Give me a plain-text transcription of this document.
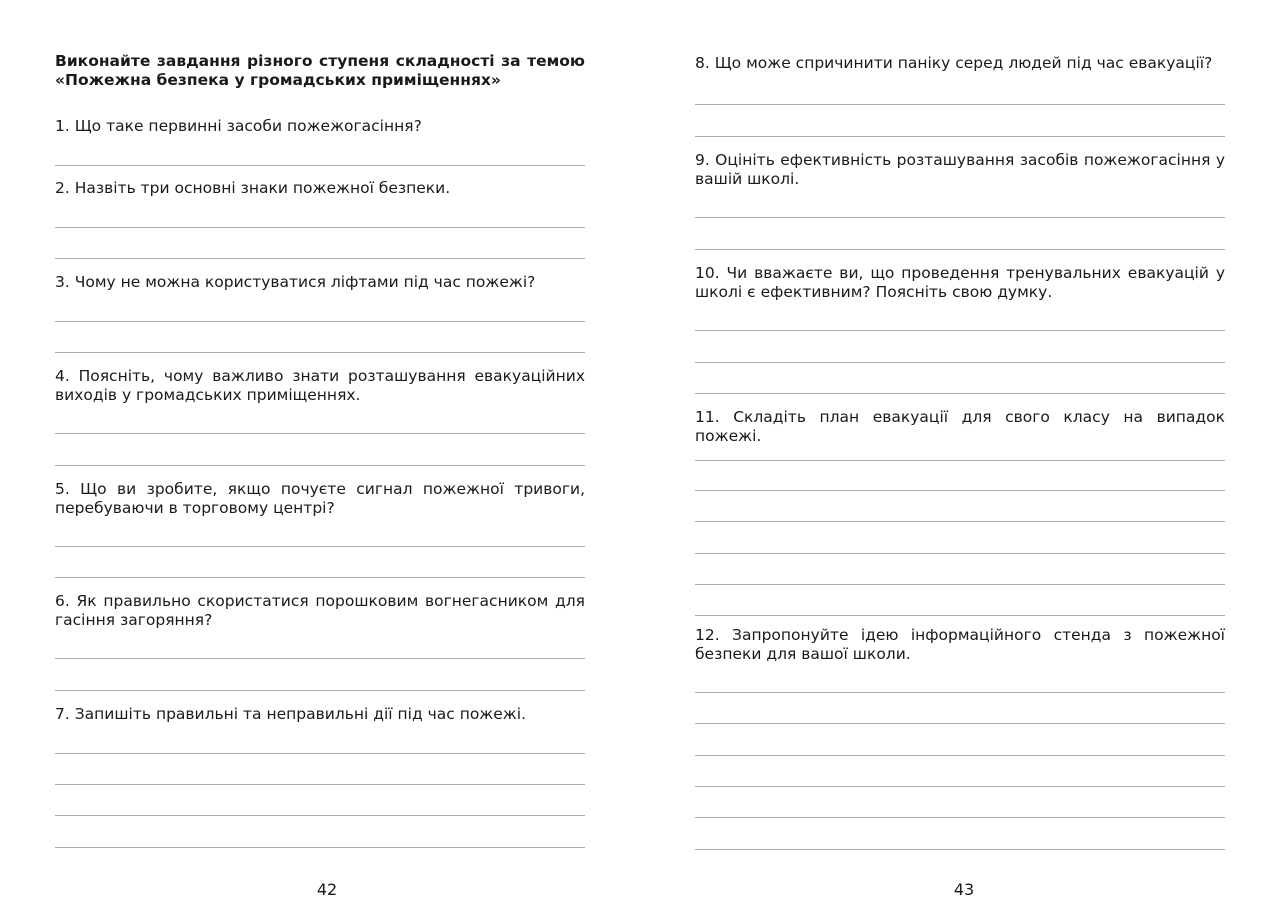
Виконайте завдання різного ступеня складності за темою «Пожежна безпека у громадських приміщеннях»

1. Що таке первинні засоби пожежогасіння?

2. Назвіть три основні знаки пожежної безпеки.

3. Чому не можна користуватися ліфтами під час пожежі?

4. Поясніть, чому важливо знати розташування евакуаційних виходів у громадських приміщеннях.

5. Що ви зробите, якщо почуєте сигнал пожежної тривоги, перебуваючи в торговому центрі?

6. Як правильно скористатися порошковим вогнегасником для гасіння загоряння?

7. Запишіть правильні та неправильні дії під час пожежі.

42

8. Що може спричинити паніку серед людей під час евакуації?

9. Оцініть ефективність розташування засобів пожежогасіння у вашій школі.

10. Чи вважаєте ви, що проведення тренувальних евакуацій у школі є ефективним? Поясніть свою думку.

11. Складіть план евакуації для свого класу на випадок пожежі.

12. Запропонуйте ідею інформаційного стенда з пожежної безпеки для вашої школи.

43
